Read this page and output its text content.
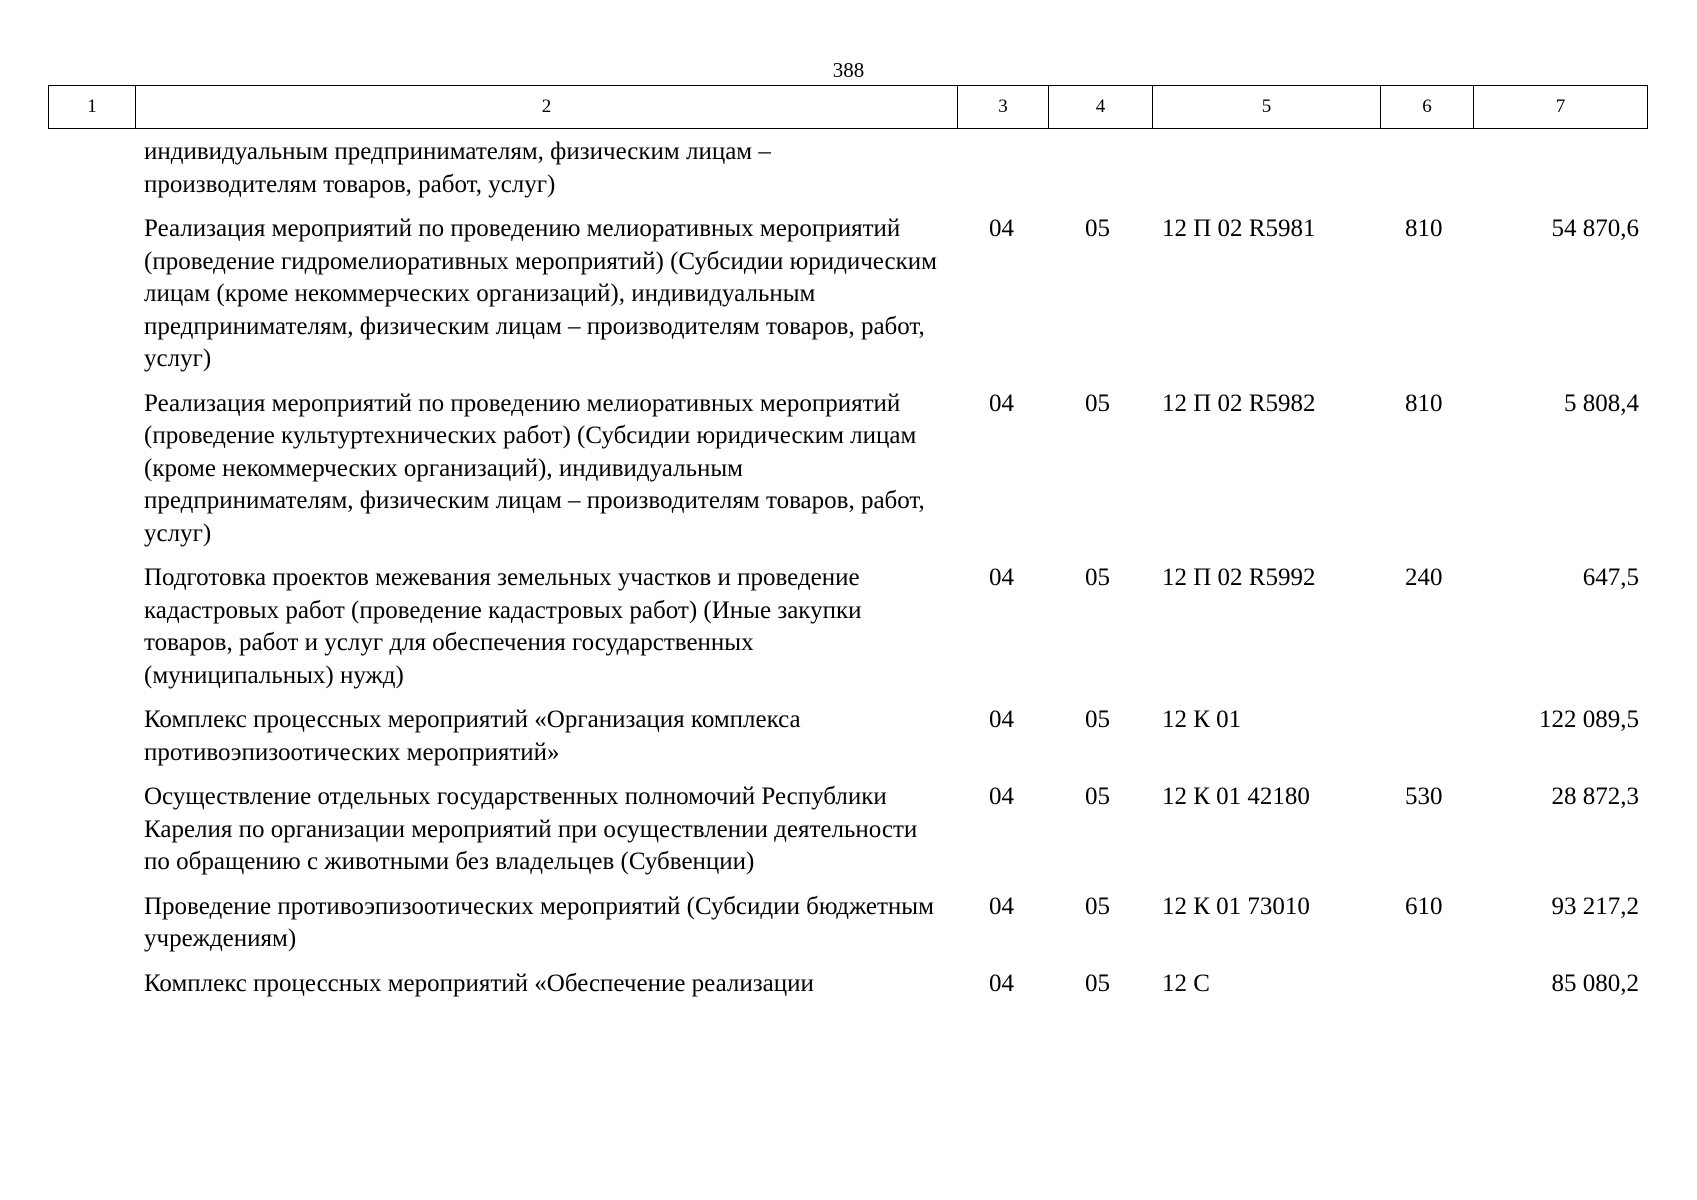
388
1	2	3	4	5	6	7
индивидуальным предпринимателям, физическим лицам – производителям товаров, работ, услуг)					
Реализация мероприятий по проведению мелиоративных мероприятий (проведение гидромелиоративных мероприятий) (Субсидии юридическим лицам (кроме некоммерческих организаций), индивидуальным предпринимателям, физическим лицам – производителям товаров, работ, услуг)	04	05	12 П 02 R5981	810	54 870,6
Реализация мероприятий по проведению мелиоративных мероприятий (проведение культуртехнических работ) (Субсидии юридическим лицам (кроме некоммерческих организаций), индивидуальным предпринимателям, физическим лицам – производителям товаров, работ, услуг)	04	05	12 П 02 R5982	810	5 808,4
Подготовка проектов межевания земельных участков и проведение кадастровых работ (проведение кадастровых работ) (Иные закупки товаров, работ и услуг для обеспечения государственных (муниципальных) нужд)	04	05	12 П 02 R5992	240	647,5
Комплекс процессных мероприятий «Организация комплекса противоэпизоотических мероприятий»	04	05	12 К 01		122 089,5
Осуществление отдельных государственных полномочий Республики Карелия по организации мероприятий при осуществлении деятельности по обращению с животными без владельцев (Субвенции)	04	05	12 К 01 42180	530	28 872,3
Проведение противоэпизоотических мероприятий (Субсидии бюджетным учреждениям)	04	05	12 К 01 73010	610	93 217,2
Комплекс процессных мероприятий «Обеспечение реализации	04	05	12 С		85 080,2
